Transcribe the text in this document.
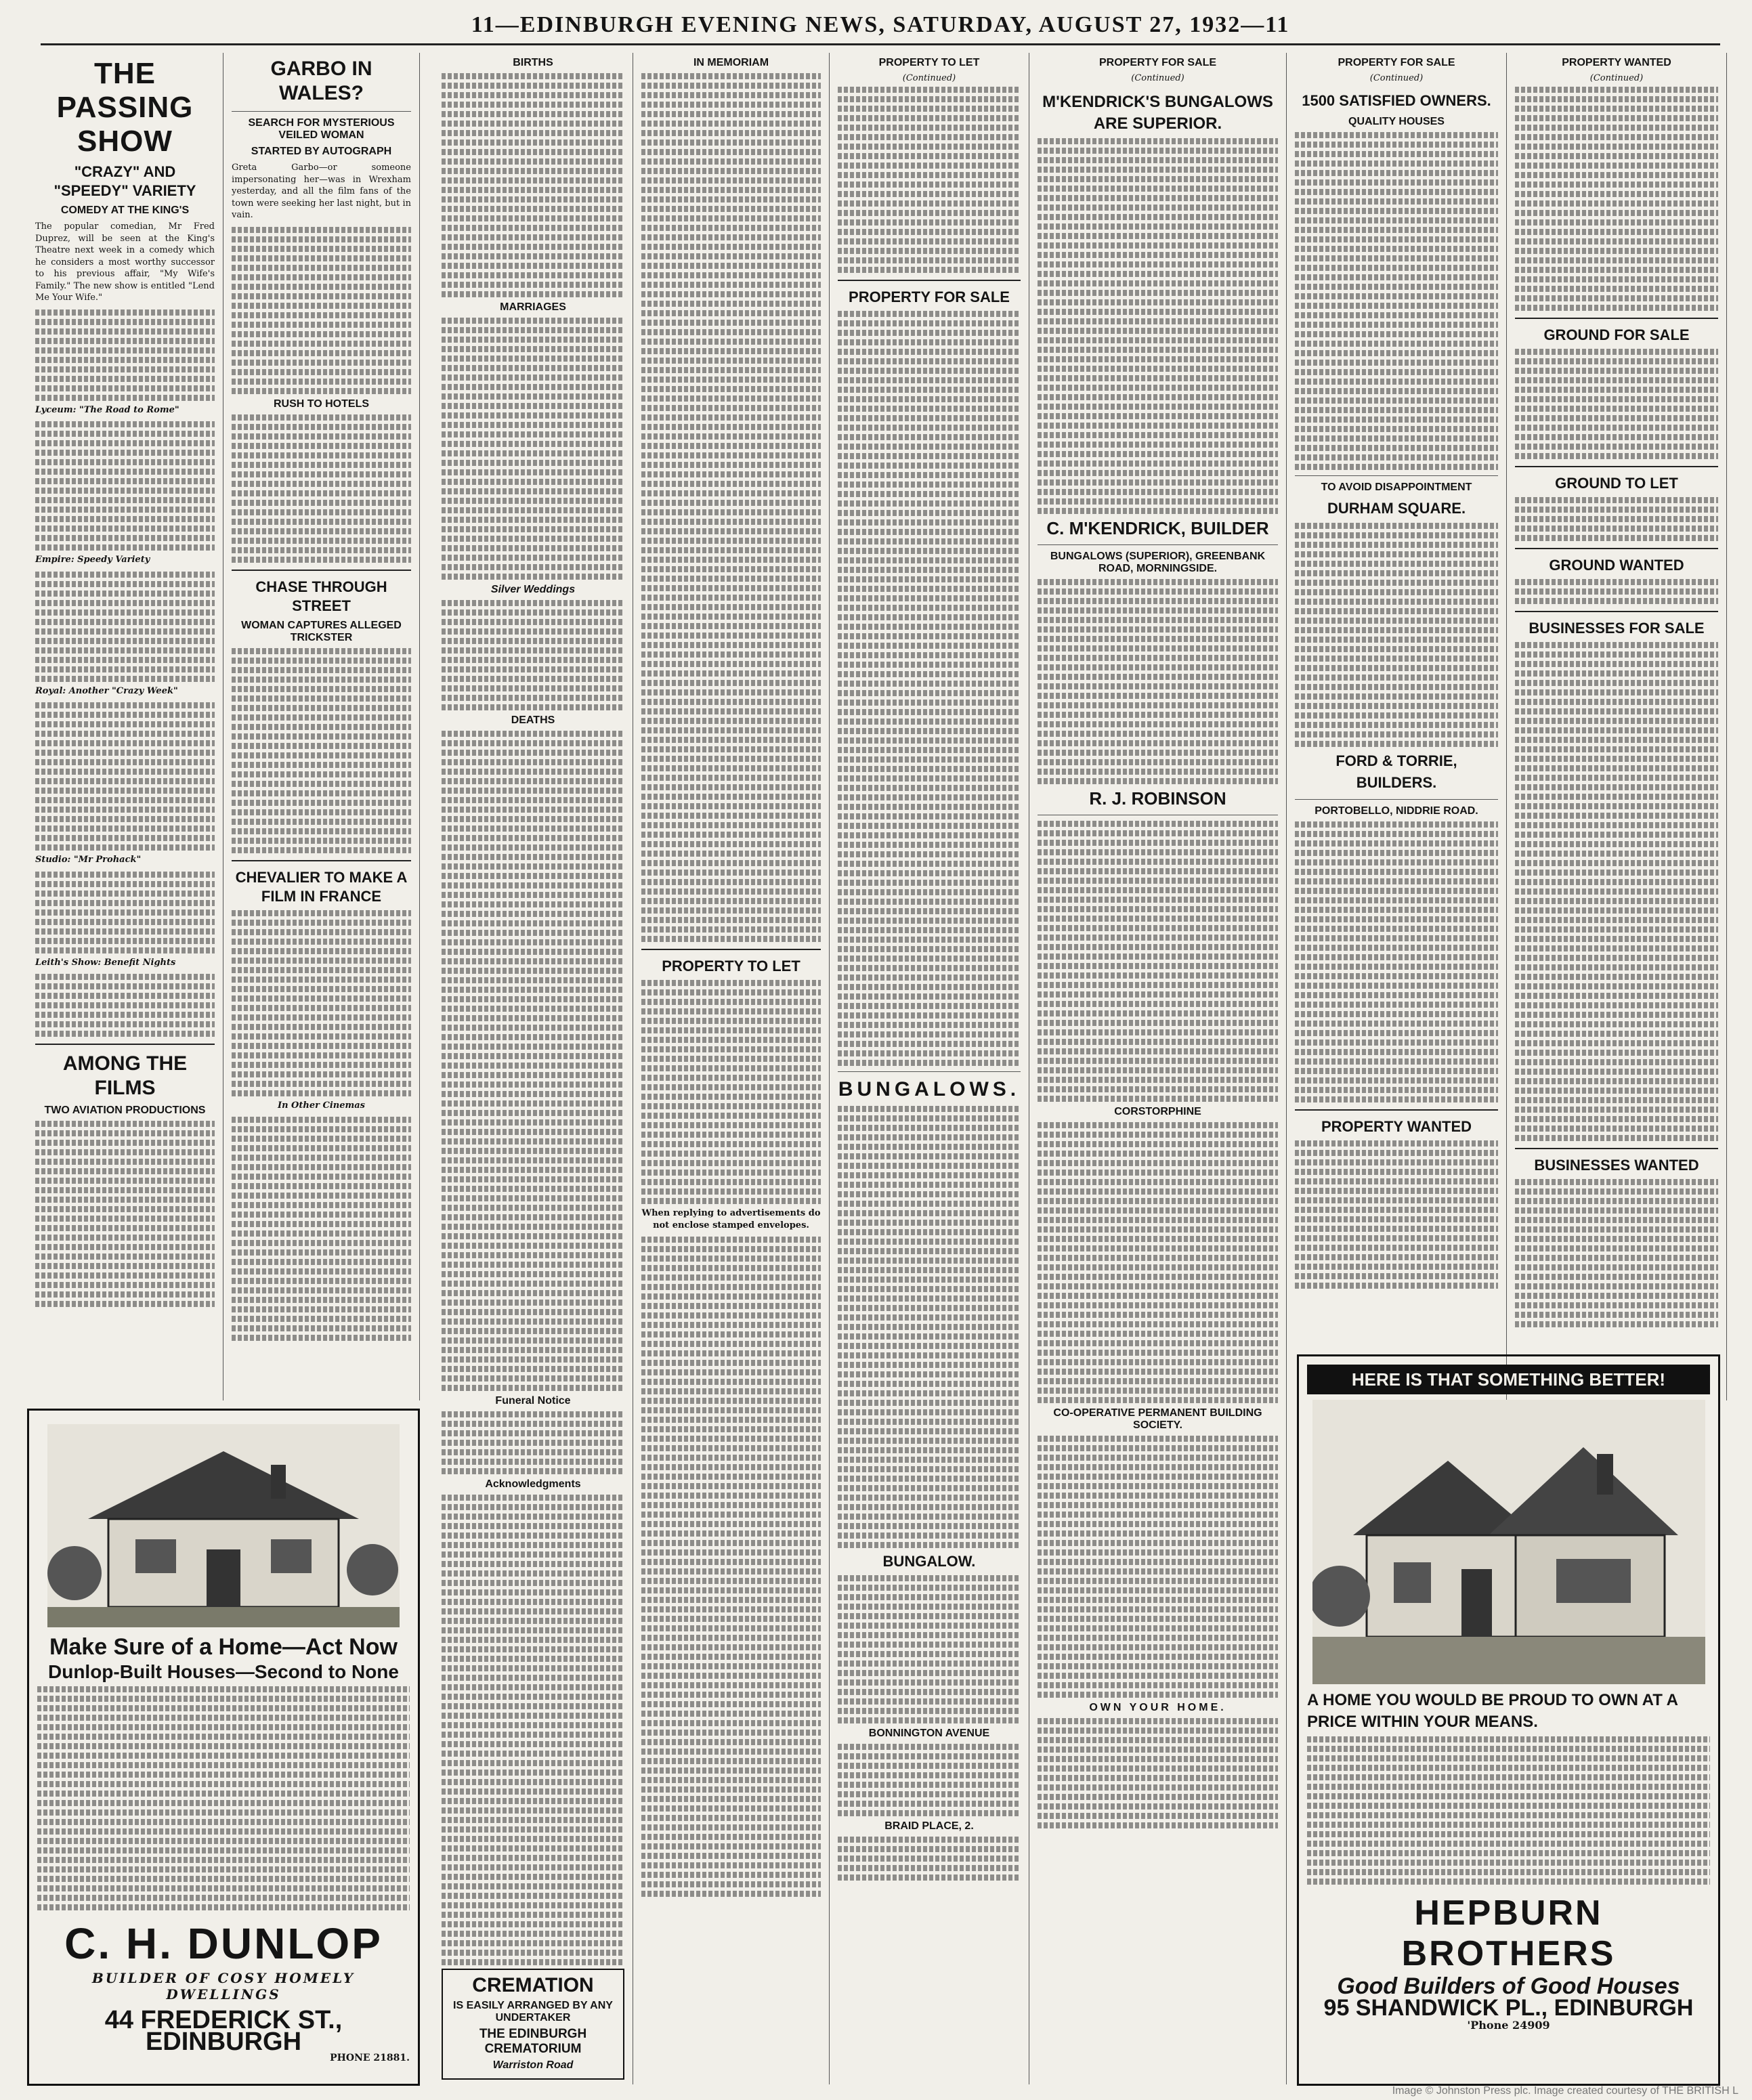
11—EDINBURGH EVENING NEWS, SATURDAY, AUGUST 27, 1932—11
THE PASSING SHOW
"CRAZY" AND "SPEEDY" VARIETY
COMEDY AT THE KING'S

The popular comedian, Mr Fred Duprez, will be seen at the King's Theatre next week in a comedy which he considers a most worthy successor to his previous affair, "My Wife's Family." The new show is entitled "Lend Me Your Wife."

Lyceum: "The Road to Rome"

Empire: Speedy Variety

Royal: Another "Crazy Week"

Studio: "Mr Prohack"

Leith's Show: Benefit Nights

AMONG THE FILMS
TWO AVIATION PRODUCTIONS
GARBO IN WALES?
SEARCH FOR MYSTERIOUS VEILED WOMAN
STARTED BY AUTOGRAPH

Greta Garbo—or someone impersonating her—was in Wrexham yesterday, and all the film fans of the town were seeking her last night, but in vain.

RUSH TO HOTELS
CHASE THROUGH STREET
WOMAN CAPTURES ALLEGED TRICKSTER
CHEVALIER TO MAKE A FILM IN FRANCE

In Other Cinemas

Make Sure of a Home—Act Now
Dunlop-Built Houses—Second to None
C. H. DUNLOP
BUILDER OF COSY HOMELY DWELLINGS
44 FREDERICK ST., EDINBURGH
PHONE 21881.
BIRTHS
MARRIAGES
Silver Weddings
DEATHS
Funeral Notice
Acknowledgments
CREMATION
IS EASILY ARRANGED BY ANY UNDERTAKER
THE EDINBURGH CREMATORIUM
Warriston Road
IN MEMORIAM
PROPERTY TO LET

When replying to advertisements do not enclose stamped envelopes.

PROPERTY TO LET
(Continued)
PROPERTY FOR SALE
BUNGALOWS.
BUNGALOW.
BONNINGTON AVENUE
BRAID PLACE, 2.
PROPERTY FOR SALE
(Continued)
M'KENDRICK'S BUNGALOWS ARE SUPERIOR.
C. M'KENDRICK, BUILDER
BUNGALOWS (SUPERIOR), GREENBANK ROAD, MORNINGSIDE.
R. J. ROBINSON
CORSTORPHINE
CO-OPERATIVE PERMANENT BUILDING SOCIETY.
OWN YOUR HOME.
PROPERTY FOR SALE
(Continued)
1500 SATISFIED OWNERS.
QUALITY HOUSES
TO AVOID DISAPPOINTMENT
DURHAM SQUARE.
FORD & TORRIE, BUILDERS.
PORTOBELLO, NIDDRIE ROAD.
PROPERTY WANTED
PROPERTY WANTED
(Continued)
GROUND FOR SALE
GROUND TO LET
GROUND WANTED
BUSINESSES FOR SALE
BUSINESSES WANTED
HERE IS THAT SOMETHING BETTER!
A HOME YOU WOULD BE PROUD TO OWN AT A PRICE WITHIN YOUR MEANS.
HEPBURN BROTHERS
Good Builders of Good Houses
95 SHANDWICK PL., EDINBURGH
'Phone 24909
Image © Johnston Press plc. Image created courtesy of THE BRITISH L
